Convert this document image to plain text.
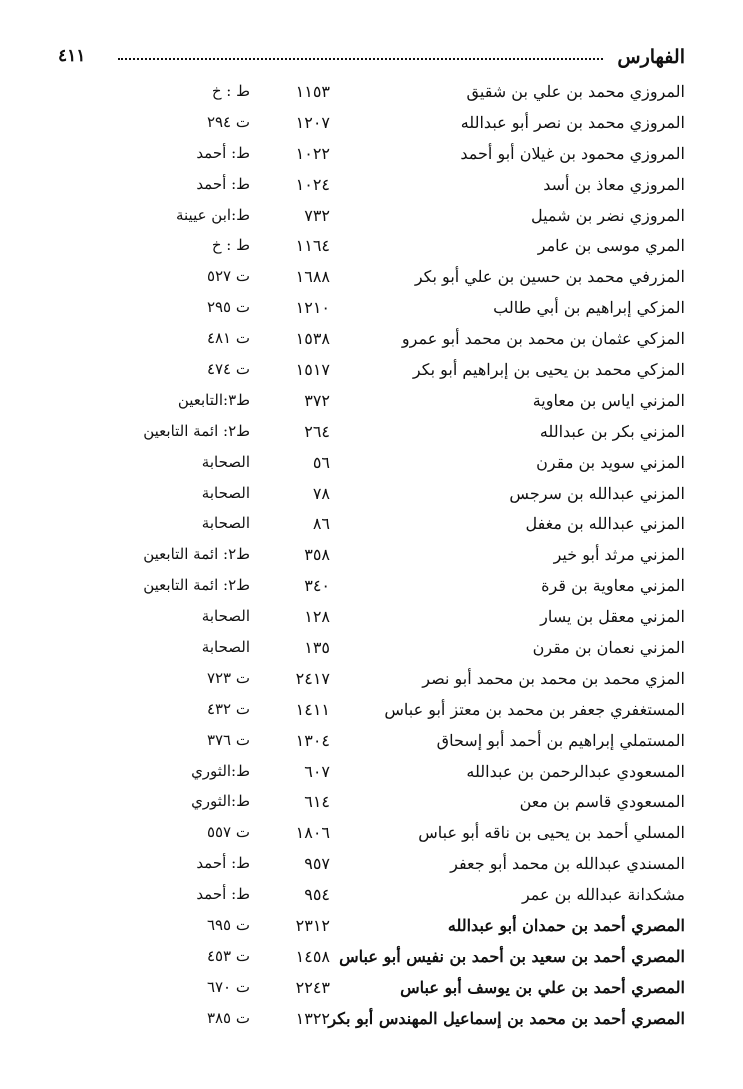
الفهارس
٤١١
المروزي محمد بن علي بن شقيق
١١٥٣
ط : خ
المروزي محمد بن نصر أبو عبدالله
١٢٠٧
ت ٢٩٤
المروزي محمود بن غيلان أبو أحمد
١٠٢٢
ط: أحمد
المروزي معاذ بن أسد
١٠٢٤
ط: أحمد
المروزي نضر بن شميل
٧٣٢
ط:ابن عيينة
المري موسى بن عامر
١١٦٤
ط : خ
المزرفي محمد بن حسين بن علي أبو بكر
١٦٨٨
ت ٥٢٧
المزكي إبراهيم بن أبي طالب
١٢١٠
ت ٢٩٥
المزكي عثمان بن محمد بن محمد أبو عمرو
١٥٣٨
ت ٤٨١
المزكي محمد بن يحيى بن إبراهيم أبو بكر
١٥١٧
ت ٤٧٤
المزني اياس بن معاوية
٣٧٢
ط٣:التابعين
المزني بكر بن عبدالله
٢٦٤
ط٢: ائمة التابعين
المزني سويد بن مقرن
٥٦
الصحابة
المزني عبدالله بن سرجس
٧٨
الصحابة
المزني عبدالله بن مغفل
٨٦
الصحابة
المزني مرثد أبو خير
٣٥٨
ط٢: ائمة التابعين
المزني معاوية بن قرة
٣٤٠
ط٢: ائمة التابعين
المزني معقل بن يسار
١٢٨
الصحابة
المزني نعمان بن مقرن
١٣٥
الصحابة
المزي محمد بن محمد بن محمد أبو نصر
٢٤١٧
ت ٧٢٣
المستغفري جعفر بن محمد بن معتز أبو عباس
١٤١١
ت ٤٣٢
المستملي إبراهيم بن أحمد أبو إسحاق
١٣٠٤
ت ٣٧٦
المسعودي عبدالرحمن بن عبدالله
٦٠٧
ط:الثوري
المسعودي قاسم بن معن
٦١٤
ط:الثوري
المسلي أحمد بن يحيى بن ناقه أبو عباس
١٨٠٦
ت ٥٥٧
المسندي عبدالله بن محمد أبو جعفر
٩٥٧
ط: أحمد
مشكدانة عبدالله بن عمر
٩٥٤
ط: أحمد
المصري أحمد بن حمدان أبو عبدالله
٢٣١٢
ت ٦٩٥
المصري أحمد بن سعيد بن أحمد بن نفيس أبو عباس
١٤٥٨
ت ٤٥٣
المصري أحمد بن علي بن يوسف أبو عباس
٢٢٤٣
ت ٦٧٠
المصري أحمد بن محمد بن إسماعيل المهندس أبو بكر
١٣٢٢
ت ٣٨٥
